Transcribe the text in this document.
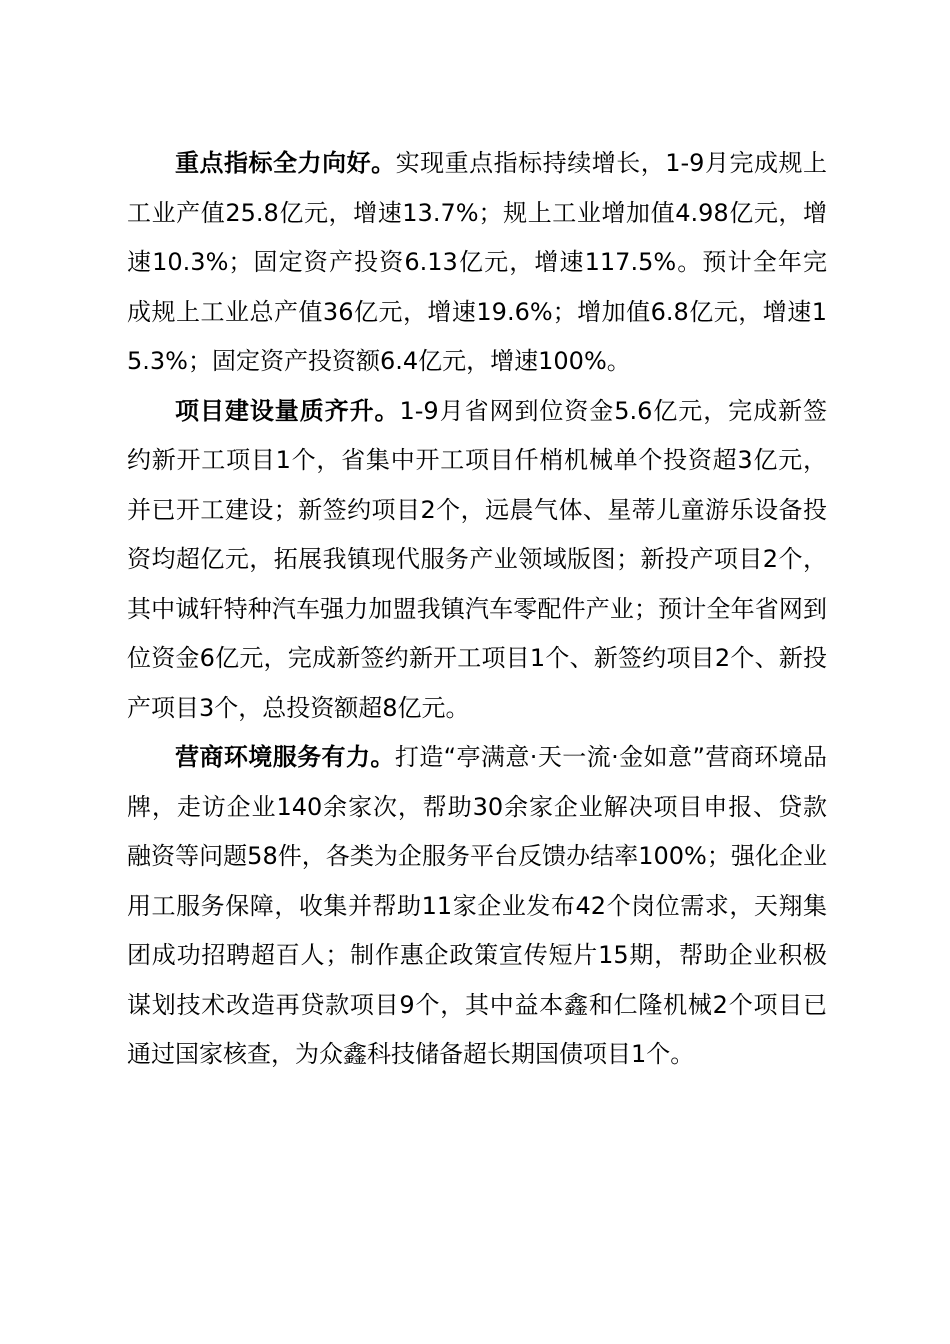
重点指标全力向好。实现重点指标持续增长，1-9月完成规上工业产值25.8亿元，增速13.7%；规上工业增加值4.98亿元，增速10.3%；固定资产投资6.13亿元，增速117.5%。预计全年完成规上工业总产值36亿元，增速19.6%；增加值6.8亿元，增速15.3%；固定资产投资额6.4亿元，增速100%。

项目建设量质齐升。1-9月省网到位资金5.6亿元，完成新签约新开工项目1个，省集中开工项目仟梢机械单个投资超3亿元，并已开工建设；新签约项目2个，远晨气体、星蒂儿童游乐设备投资均超亿元，拓展我镇现代服务产业领域版图；新投产项目2个，其中诚轩特种汽车强力加盟我镇汽车零配件产业；预计全年省网到位资金6亿元，完成新签约新开工项目1个、新签约项目2个、新投产项目3个，总投资额超8亿元。

营商环境服务有力。打造“亭满意·天一流·金如意”营商环境品牌，走访企业140余家次，帮助30余家企业解决项目申报、贷款融资等问题58件，各类为企服务平台反馈办结率100%；强化企业用工服务保障，收集并帮助11家企业发布42个岗位需求，天翔集团成功招聘超百人；制作惠企政策宣传短片15期，帮助企业积极谋划技术改造再贷款项目9个，其中益本鑫和仁隆机械2个项目已通过国家核查，为众鑫科技储备超长期国债项目1个。
